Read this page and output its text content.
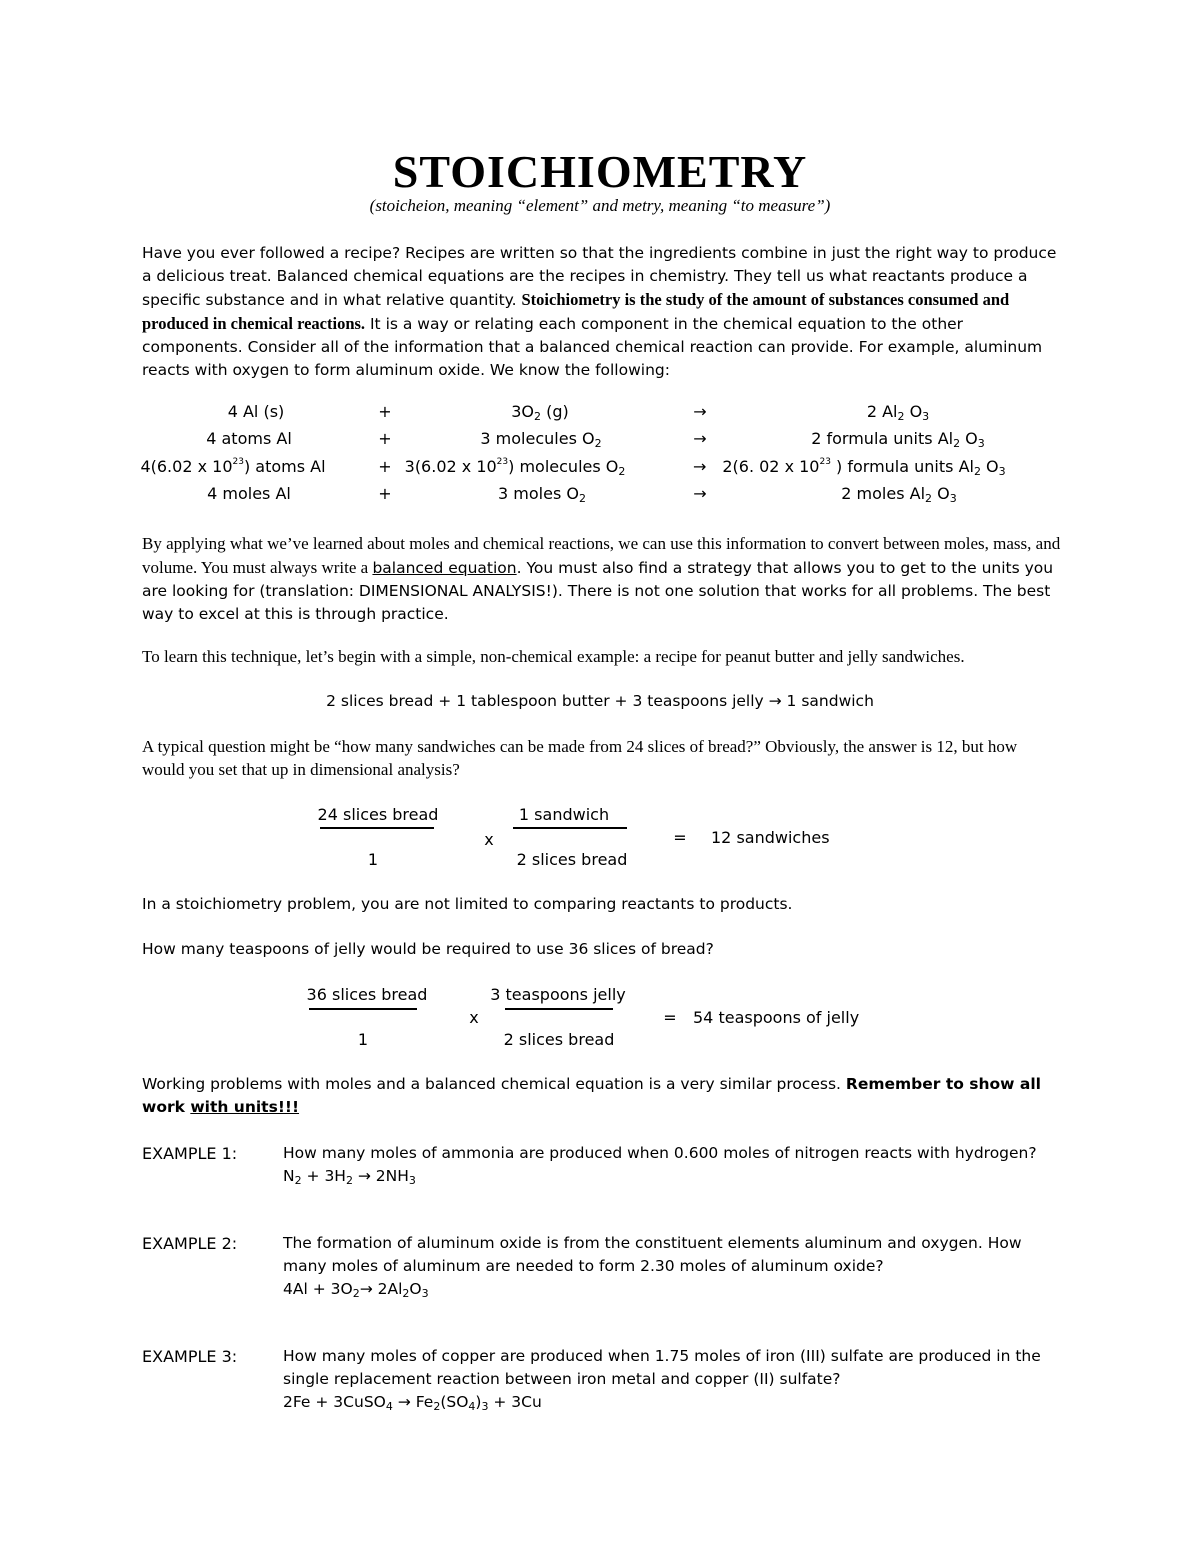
STOICHIOMETRY
(stoicheion, meaning “element” and metry, meaning “to measure”)
Have you ever followed a recipe? Recipes are written so that the ingredients combine in just the right way to produce a delicious treat. Balanced chemical equations are the recipes in chemistry. They tell us what reactants produce a specific substance and in what relative quantity. Stoichiometry is the study of the amount of substances consumed and produced in chemical reactions. It is a way or relating each component in the chemical equation to the other components. Consider all of the information that a balanced chemical reaction can provide. For example, aluminum reacts with oxygen to form aluminum oxide. We know the following:
4 Al (s)	+	$3O_2$ (g)	→	2 $Al_2$ $O_3$
4 atoms Al	+	3 molecules $O_2$	→	2 formula units $Al_2$ $O_3$
4(6.02 x $10^{23}$) atoms Al	+ 3(6.02 x $10^{23}$) molecules $O_2$	→ 2(6. 02 x $10^{23}$ ) formula units $Al_2$ $O_3$
4 moles Al	+	3 moles $O_2$	→	2 moles $Al_2$ $O_3$
By applying what we’ve learned about moles and chemical reactions, we can use this information to convert between moles, mass, and volume. You must always write a balanced equation. You must also find a strategy that allows you to get to the units you are looking for (translation: DIMENSIONAL ANALYSIS!). There is not one solution that works for all problems. The best way to excel at this is through practice.
To learn this technique, let’s begin with a simple, non-chemical example: a recipe for peanut butter and jelly sandwiches.
2 slices bread + 1 tablespoon butter + 3 teaspoons jelly → 1 sandwich
A typical question might be “how many sandwiches can be made from 24 slices of bread?” Obviously, the answer is 12, but how would you set that up in dimensional analysis?
24 slices bread
1
x
1 sandwich
2 slices bread
= 12 sandwiches
In a stoichiometry problem, you are not limited to comparing reactants to products.
How many teaspoons of jelly would be required to use 36 slices of bread?
36 slices bread
1
x
3 teaspoons jelly
2 slices bread
= 54 teaspoons of jelly
Working problems with moles and a balanced chemical equation is a very similar process. Remember to show all work with units!!!
EXAMPLE 1:	How many moles of ammonia are produced when 0.600 moles of nitrogen reacts with hydrogen?
$N_2 + 3H_2 \to 2NH_3$
EXAMPLE 2:	The formation of aluminum oxide is from the constituent elements aluminum and oxygen. How many moles of aluminum are needed to form 2.30 moles of aluminum oxide?
$4Al + 3O_2\to 2Al_2O_3$
EXAMPLE 3:	How many moles of copper are produced when 1.75 moles of iron (III) sulfate are produced in the single replacement reaction between iron metal and copper (II) sulfate?
2Fe + 3CuSO$_4$ → $Fe_2(SO_4)_3 + 3Cu$
